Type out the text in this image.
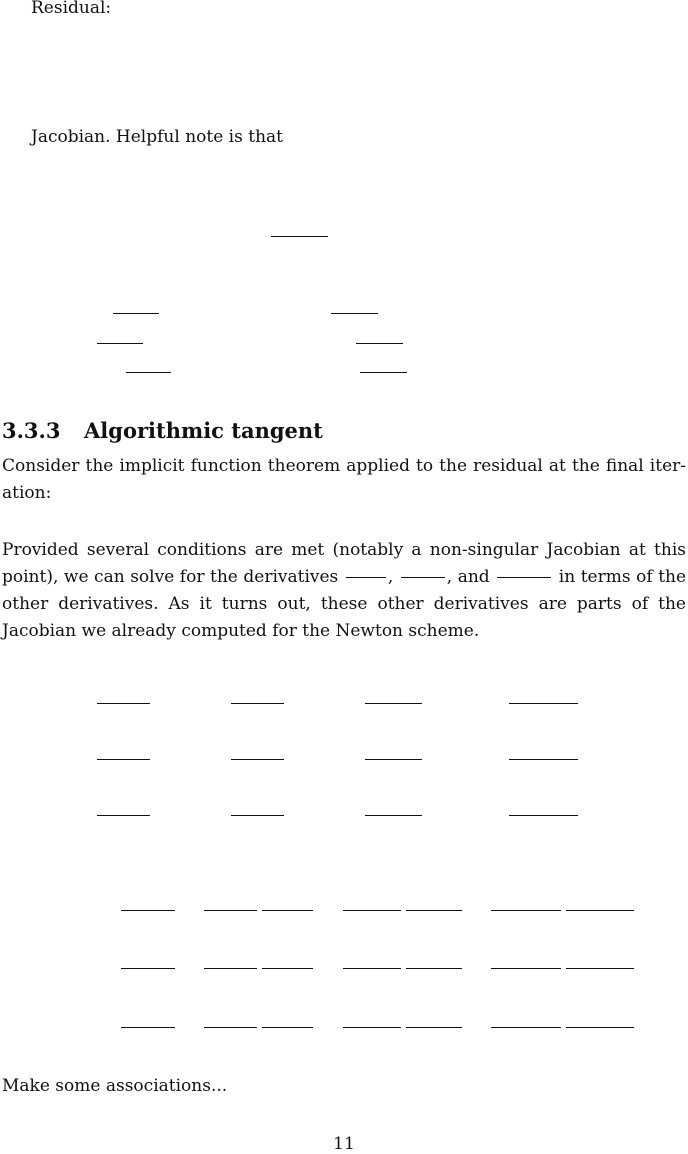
Residual:
Jacobian. Helpful note is that
3.3.3 Algorithmic tangent
Consider the implicit function theorem applied to the residual at the final iter-ation:
Provided several conditions are met (notably a non-singular Jacobian at this point), we can solve for the derivatives	,	, and	in terms of the other derivatives. As it turns out, these other derivatives are parts of the Jacobian we already computed for the Newton scheme.
Make some associations...
11
